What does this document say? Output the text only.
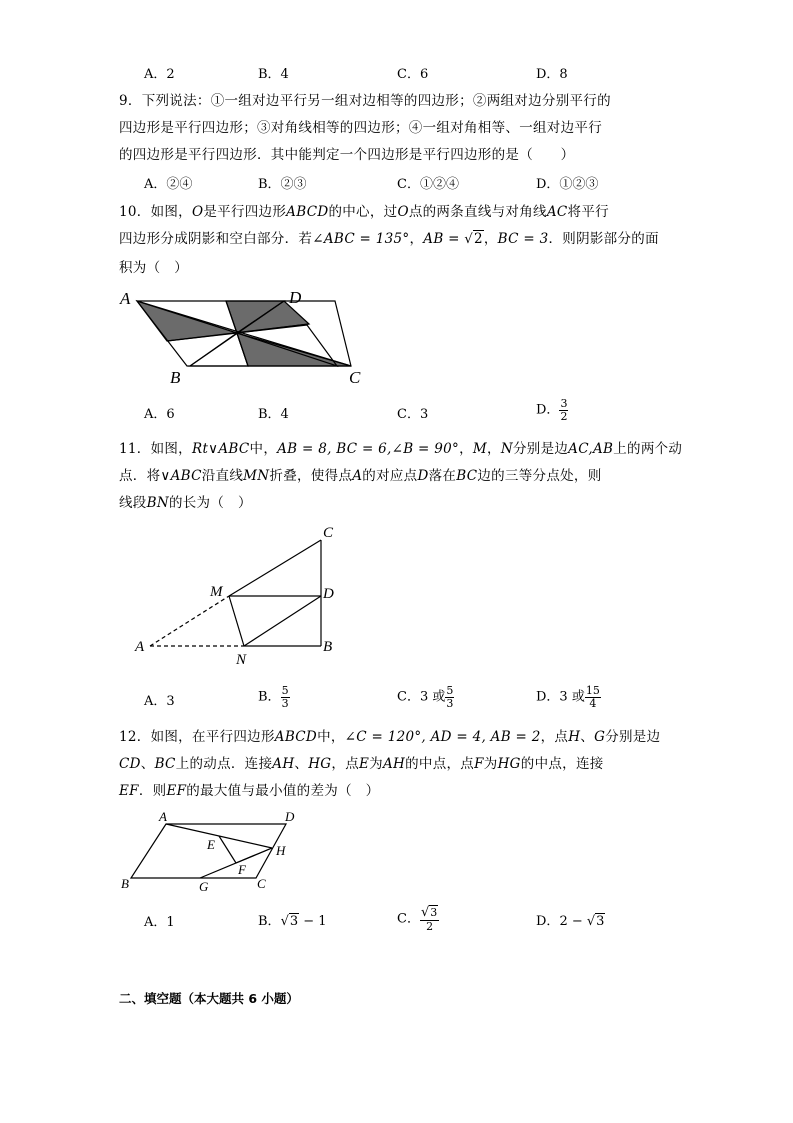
A．2	B．4	C．6	D．8
9．下列说法：①一组对边平行另一组对边相等的四边形；②两组对边分别平行的
四边形是平行四边形；③对角线相等的四边形；④一组对角相等、一组对边平行
的四边形是平行四边形．其中能判定一个四边形是平行四边形的是（　　）
A．②④	B．②③	C．①②④	D．①②③
10．如图，O是平行四边形ABCD的中心，过O点的两条直线与对角线AC将平行
四边形分成阴影和空白部分．若∠ABC = 135°，AB = √2，BC = 3．则阴影部分的面
积为（　）
A	D
B	C
A．6	B．4	C．3	D． $\frac{3}{2}$
11．如图，Rt∨ABC中，AB = 8, BC = 6,∠B = 90°，M，N分别是边AC,AB上的两个动
点．将∨ABC沿直线MN折叠，使得点A的对应点D落在BC边的三等分点处，则
线段BN的长为（　）
C
M	D
A
N
B
A．3	B． $\frac{5}{3}$	C．3 或 $\frac{5}{3}$	D．3 或 $\frac{15}{4}$
12．如图，在平行四边形ABCD中，∠C = 120°, AD = 4, AB = 2，点H、G分别是边
CD、BC上的动点．连接AH、HG，点E为AH的中点，点F为HG的中点，连接
EF．则EF的最大值与最小值的差为（　）
A	D
E	H
F
B	G	C
A．1	B．√3 − 1	C． $\frac{√3}{2}$	D．2 − √3
二、填空题（本大题共 6 小题）
